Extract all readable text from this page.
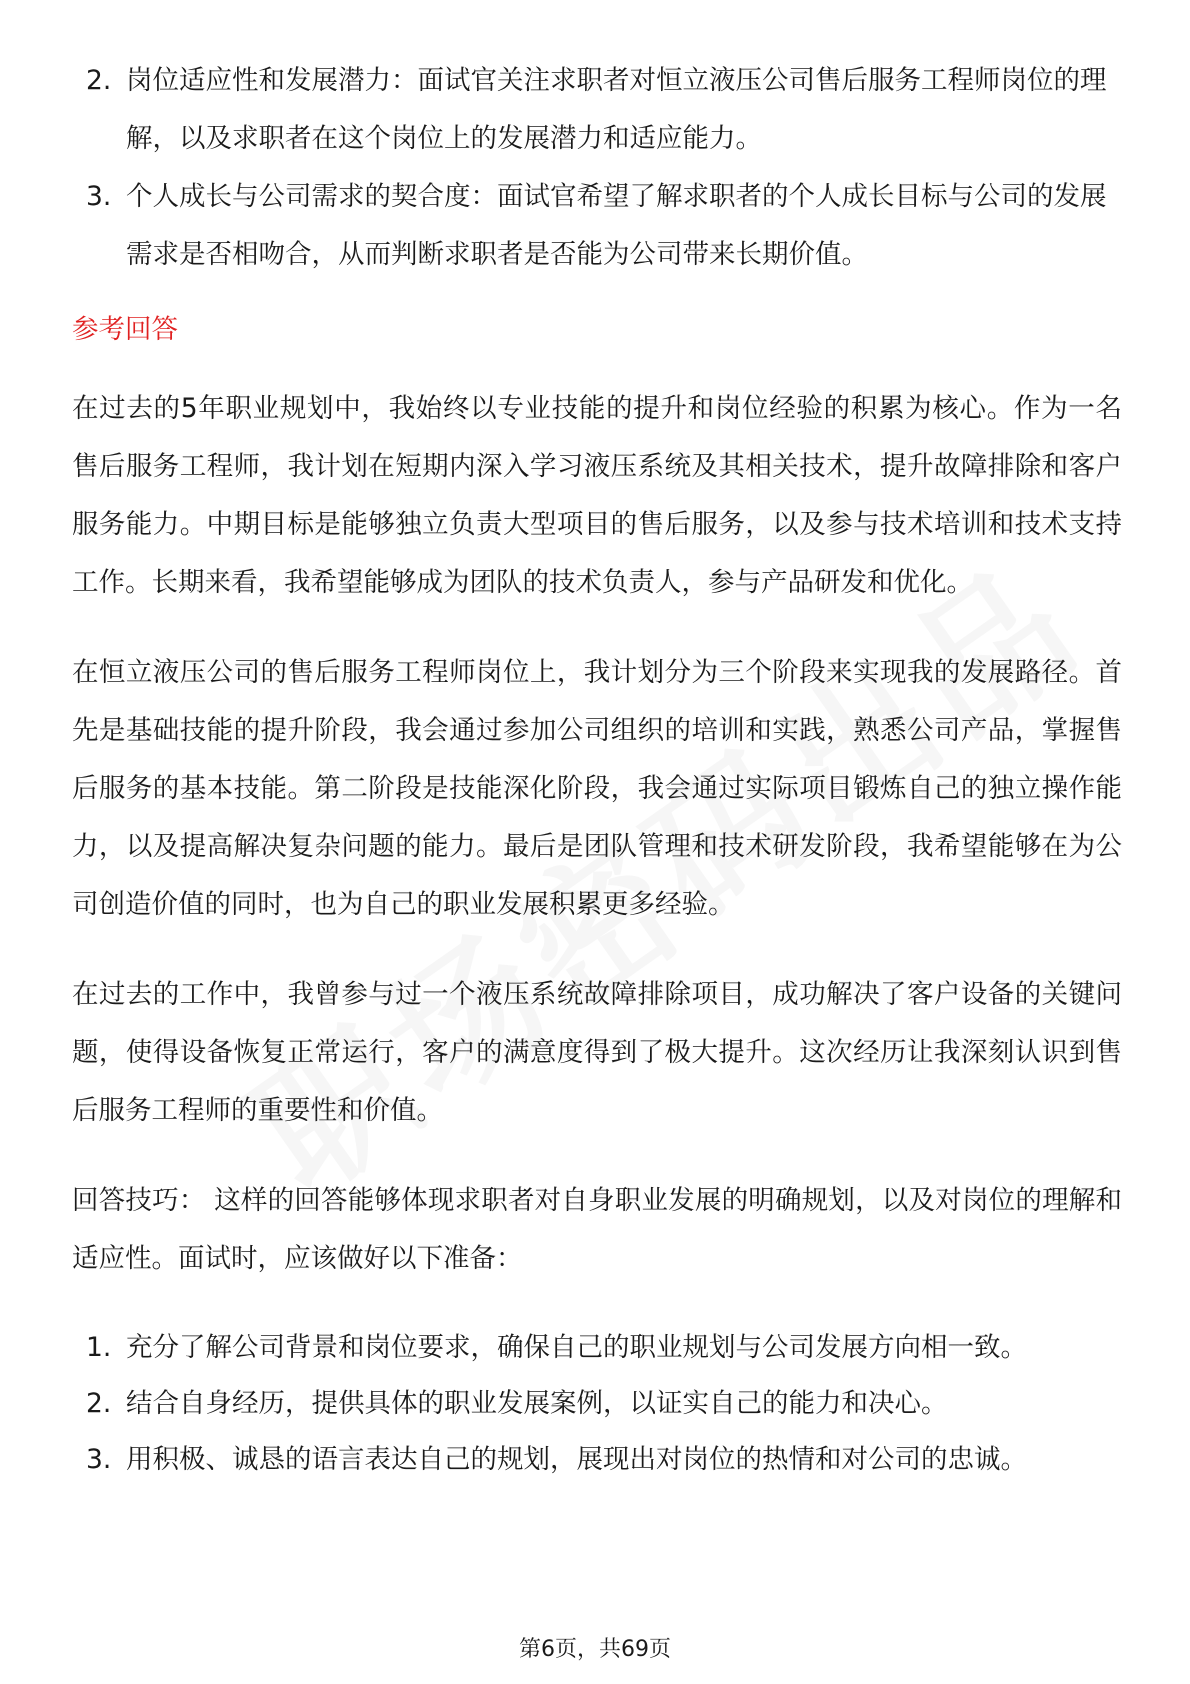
2. 岗位适应性和发展潜力：面试官关注求职者对恒立液压公司售后服务工程师岗位的理解，以及求职者在这个岗位上的发展潜力和适应能力。
3. 个人成长与公司需求的契合度：面试官希望了解求职者的个人成长目标与公司的发展需求是否相吻合，从而判断求职者是否能为公司带来长期价值。
参考回答

在过去的5年职业规划中，我始终以专业技能的提升和岗位经验的积累为核心。作为一名售后服务工程师，我计划在短期内深入学习液压系统及其相关技术，提升故障排除和客户服务能力。中期目标是能够独立负责大型项目的售后服务，以及参与技术培训和技术支持工作。长期来看，我希望能够成为团队的技术负责人，参与产品研发和优化。

在恒立液压公司的售后服务工程师岗位上，我计划分为三个阶段来实现我的发展路径。首先是基础技能的提升阶段，我会通过参加公司组织的培训和实践，熟悉公司产品，掌握售后服务的基本技能。第二阶段是技能深化阶段，我会通过实际项目锻炼自己的独立操作能力，以及提高解决复杂问题的能力。最后是团队管理和技术研发阶段，我希望能够在为公司创造价值的同时，也为自己的职业发展积累更多经验。

在过去的工作中，我曾参与过一个液压系统故障排除项目，成功解决了客户设备的关键问题，使得设备恢复正常运行，客户的满意度得到了极大提升。这次经历让我深刻认识到售后服务工程师的重要性和价值。

回答技巧： 这样的回答能够体现求职者对自身职业发展的明确规划，以及对岗位的理解和适应性。面试时，应该做好以下准备：

1. 充分了解公司背景和岗位要求，确保自己的职业规划与公司发展方向相一致。
2. 结合自身经历，提供具体的职业发展案例，以证实自己的能力和决心。
3. 用积极、诚恳的语言表达自己的规划，展现出对岗位的热情和对公司的忠诚。
第6页，共69页
